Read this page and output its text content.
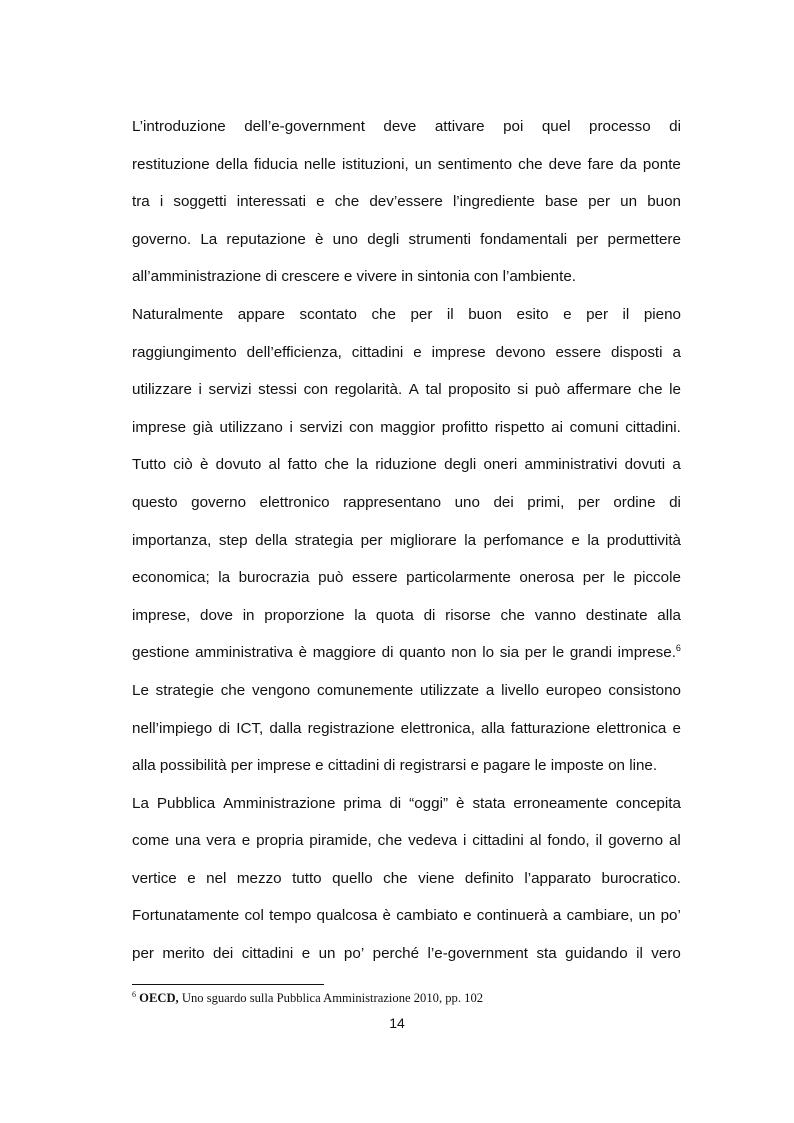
L’introduzione dell’e-government deve attivare poi quel processo di
restituzione della fiducia nelle istituzioni, un sentimento che deve fare da ponte
tra i soggetti interessati e che dev’essere l’ingrediente base per un buon
governo. La reputazione è uno degli strumenti fondamentali per permettere
all’amministrazione di crescere e vivere in sintonia con l’ambiente.
Naturalmente appare scontato che per il buon esito e per il pieno
raggiungimento dell’efficienza, cittadini e imprese devono essere disposti a
utilizzare i servizi stessi con regolarità. A tal proposito si può affermare che le
imprese già utilizzano i servizi con maggior profitto rispetto ai comuni cittadini.
Tutto ciò è dovuto al fatto che la riduzione degli oneri amministrativi dovuti a
questo governo elettronico rappresentano uno dei primi, per ordine di
importanza, step della strategia per migliorare la perfomance e la produttività
economica; la burocrazia può essere particolarmente onerosa per le piccole
imprese, dove in proporzione la quota di risorse che vanno destinate alla
gestione amministrativa è maggiore di quanto non lo sia per le grandi imprese.$^6$
Le strategie che vengono comunemente utilizzate a livello europeo consistono
nell’impiego di ICT, dalla registrazione elettronica, alla fatturazione elettronica e
alla possibilità per imprese e cittadini di registrarsi e pagare le imposte on line.
La Pubblica Amministrazione prima di “oggi” è stata erroneamente concepita
come una vera e propria piramide, che vedeva i cittadini al fondo, il governo al
vertice e nel mezzo tutto quello che viene definito l’apparato burocratico.
Fortunatamente col tempo qualcosa è cambiato e continuerà a cambiare, un po’
per merito dei cittadini e un po’ perché l’e-government sta guidando il vero
$^6$ OECD, Uno sguardo sulla Pubblica Amministrazione 2010, pp. 102
14
